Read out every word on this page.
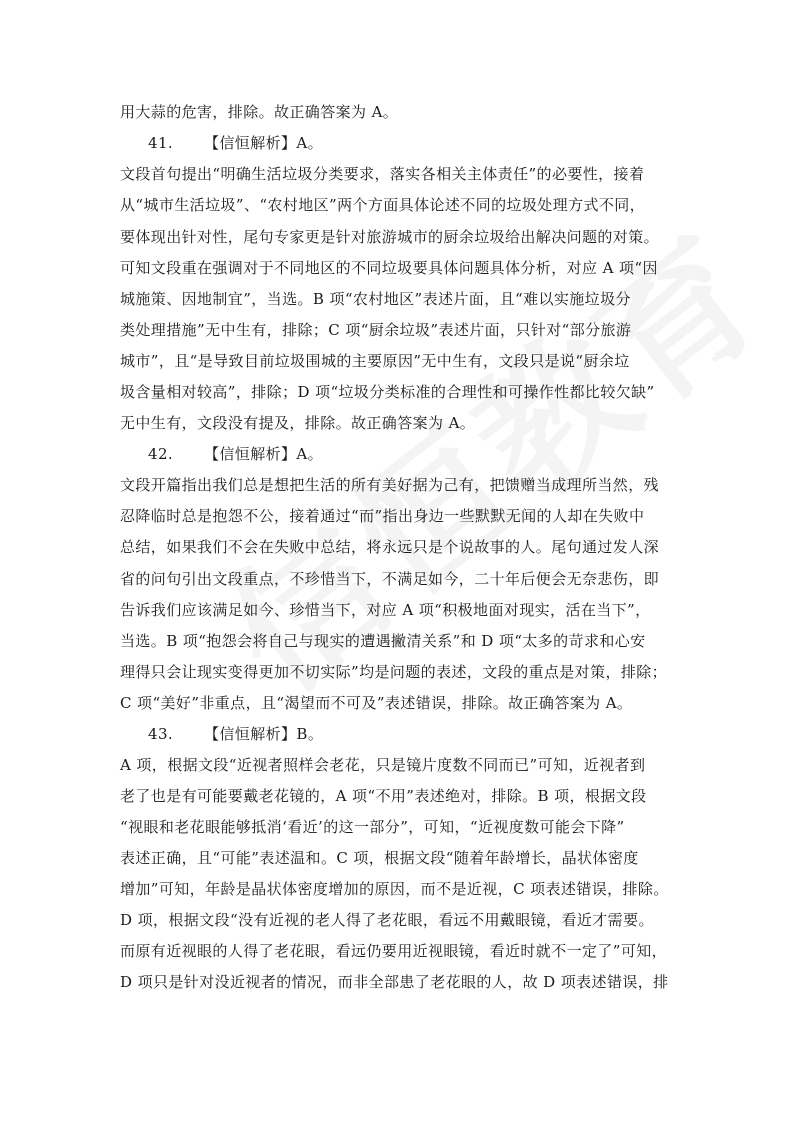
用大蒜的危害，排除。故正确答案为 A。
41. 【信恒解析】A。
文段首句提出“明确生活垃圾分类要求，落实各相关主体责任”的必要性，接着
从“城市生活垃圾”、“农村地区”两个方面具体论述不同的垃圾处理方式不同，
要体现出针对性，尾句专家更是针对旅游城市的厨余垃圾给出解决问题的对策。
可知文段重在强调对于不同地区的不同垃圾要具体问题具体分析，对应 A 项“因
城施策、因地制宜”，当选。B 项“农村地区”表述片面，且“难以实施垃圾分
类处理措施”无中生有，排除；C 项“厨余垃圾”表述片面，只针对“部分旅游
城市”，且“是导致目前垃圾围城的主要原因”无中生有，文段只是说“厨余垃
圾含量相对较高”，排除；D 项“垃圾分类标准的合理性和可操作性都比较欠缺”
无中生有，文段没有提及，排除。故正确答案为 A。
42. 【信恒解析】A。
文段开篇指出我们总是想把生活的所有美好据为己有，把馈赠当成理所当然，残
忍降临时总是抱怨不公，接着通过“而”指出身边一些默默无闻的人却在失败中
总结，如果我们不会在失败中总结，将永远只是个说故事的人。尾句通过发人深
省的问句引出文段重点，不珍惜当下，不满足如今，二十年后便会无奈悲伤，即
告诉我们应该满足如今、珍惜当下，对应 A 项“积极地面对现实，活在当下”，
当选。B 项“抱怨会将自己与现实的遭遇撇清关系”和 D 项“太多的苛求和心安
理得只会让现实变得更加不切实际”均是问题的表述，文段的重点是对策，排除；
C 项“美好”非重点，且“渴望而不可及”表述错误，排除。故正确答案为 A。
43. 【信恒解析】B。
A 项，根据文段“近视者照样会老花，只是镜片度数不同而已”可知，近视者到
老了也是有可能要戴老花镜的，A 项“不用”表述绝对，排除。B 项，根据文段
“视眼和老花眼能够抵消‘看近’的这一部分”，可知，“近视度数可能会下降”
表述正确，且“可能”表述温和。C 项，根据文段“随着年龄增长，晶状体密度
增加”可知，年龄是晶状体密度增加的原因，而不是近视，C 项表述错误，排除。
D 项，根据文段“没有近视的老人得了老花眼，看远不用戴眼镜，看近才需要。
而原有近视眼的人得了老花眼，看远仍要用近视眼镜，看近时就不一定了”可知，
D 项只是针对没近视者的情况，而非全部患了老花眼的人，故 D 项表述错误，排
